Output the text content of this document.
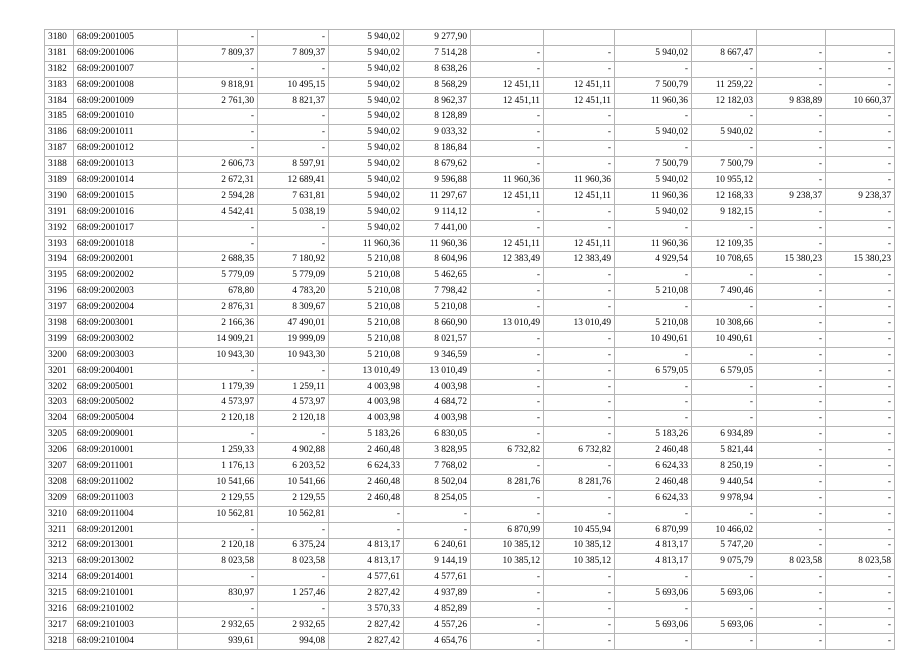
3180	68:09:2001005	-	-	5 940,02	9 277,90						
3181	68:09:2001006	7 809,37	7 809,37	5 940,02	7 514,28	-	-	5 940,02	8 667,47	-	-
3182	68:09:2001007	-	-	5 940,02	8 638,26	-	-	-	-	-	-
3183	68:09:2001008	9 818,91	10 495,15	5 940,02	8 568,29	12 451,11	12 451,11	7 500,79	11 259,22	-	-
3184	68:09:2001009	2 761,30	8 821,37	5 940,02	8 962,37	12 451,11	12 451,11	11 960,36	12 182,03	9 838,89	10 660,37
3185	68:09:2001010	-	-	5 940,02	8 128,89	-	-	-	-	-	-
3186	68:09:2001011	-	-	5 940,02	9 033,32	-	-	5 940,02	5 940,02	-	-
3187	68:09:2001012	-	-	5 940,02	8 186,84	-	-	-	-	-	-
3188	68:09:2001013	2 606,73	8 597,91	5 940,02	8 679,62	-	-	7 500,79	7 500,79	-	-
3189	68:09:2001014	2 672,31	12 689,41	5 940,02	9 596,88	11 960,36	11 960,36	5 940,02	10 955,12	-	-
3190	68:09:2001015	2 594,28	7 631,81	5 940,02	11 297,67	12 451,11	12 451,11	11 960,36	12 168,33	9 238,37	9 238,37
3191	68:09:2001016	4 542,41	5 038,19	5 940,02	9 114,12	-	-	5 940,02	9 182,15	-	-
3192	68:09:2001017	-	-	5 940,02	7 441,00	-	-	-	-	-	-
3193	68:09:2001018	-	-	11 960,36	11 960,36	12 451,11	12 451,11	11 960,36	12 109,35	-	-
3194	68:09:2002001	2 688,35	7 180,92	5 210,08	8 604,96	12 383,49	12 383,49	4 929,54	10 708,65	15 380,23	15 380,23
3195	68:09:2002002	5 779,09	5 779,09	5 210,08	5 462,65	-	-	-	-	-	-
3196	68:09:2002003	678,80	4 783,20	5 210,08	7 798,42	-	-	5 210,08	7 490,46	-	-
3197	68:09:2002004	2 876,31	8 309,67	5 210,08	5 210,08	-	-	-	-	-	-
3198	68:09:2003001	2 166,36	47 490,01	5 210,08	8 660,90	13 010,49	13 010,49	5 210,08	10 308,66	-	-
3199	68:09:2003002	14 909,21	19 999,09	5 210,08	8 021,57	-	-	10 490,61	10 490,61	-	-
3200	68:09:2003003	10 943,30	10 943,30	5 210,08	9 346,59	-	-	-	-	-	-
3201	68:09:2004001	-	-	13 010,49	13 010,49	-	-	6 579,05	6 579,05	-	-
3202	68:09:2005001	1 179,39	1 259,11	4 003,98	4 003,98	-	-	-	-	-	-
3203	68:09:2005002	4 573,97	4 573,97	4 003,98	4 684,72	-	-	-	-	-	-
3204	68:09:2005004	2 120,18	2 120,18	4 003,98	4 003,98	-	-	-	-	-	-
3205	68:09:2009001	-	-	5 183,26	6 830,05	-	-	5 183,26	6 934,89	-	-
3206	68:09:2010001	1 259,33	4 902,88	2 460,48	3 828,95	6 732,82	6 732,82	2 460,48	5 821,44	-	-
3207	68:09:2011001	1 176,13	6 203,52	6 624,33	7 768,02	-	-	6 624,33	8 250,19	-	-
3208	68:09:2011002	10 541,66	10 541,66	2 460,48	8 502,04	8 281,76	8 281,76	2 460,48	9 440,54	-	-
3209	68:09:2011003	2 129,55	2 129,55	2 460,48	8 254,05	-	-	6 624,33	9 978,94	-	-
3210	68:09:2011004	10 562,81	10 562,81	-	-	-	-	-	-	-	-
3211	68:09:2012001	-	-	-	-	6 870,99	10 455,94	6 870,99	10 466,02	-	-
3212	68:09:2013001	2 120,18	6 375,24	4 813,17	6 240,61	10 385,12	10 385,12	4 813,17	5 747,20	-	-
3213	68:09:2013002	8 023,58	8 023,58	4 813,17	9 144,19	10 385,12	10 385,12	4 813,17	9 075,79	8 023,58	8 023,58
3214	68:09:2014001	-	-	4 577,61	4 577,61	-	-	-	-	-	-
3215	68:09:2101001	830,97	1 257,46	2 827,42	4 937,89	-	-	5 693,06	5 693,06	-	-
3216	68:09:2101002	-	-	3 570,33	4 852,89	-	-	-	-	-	-
3217	68:09:2101003	2 932,65	2 932,65	2 827,42	4 557,26	-	-	5 693,06	5 693,06	-	-
3218	68:09:2101004	939,61	994,08	2 827,42	4 654,76	-	-	-	-	-	-
